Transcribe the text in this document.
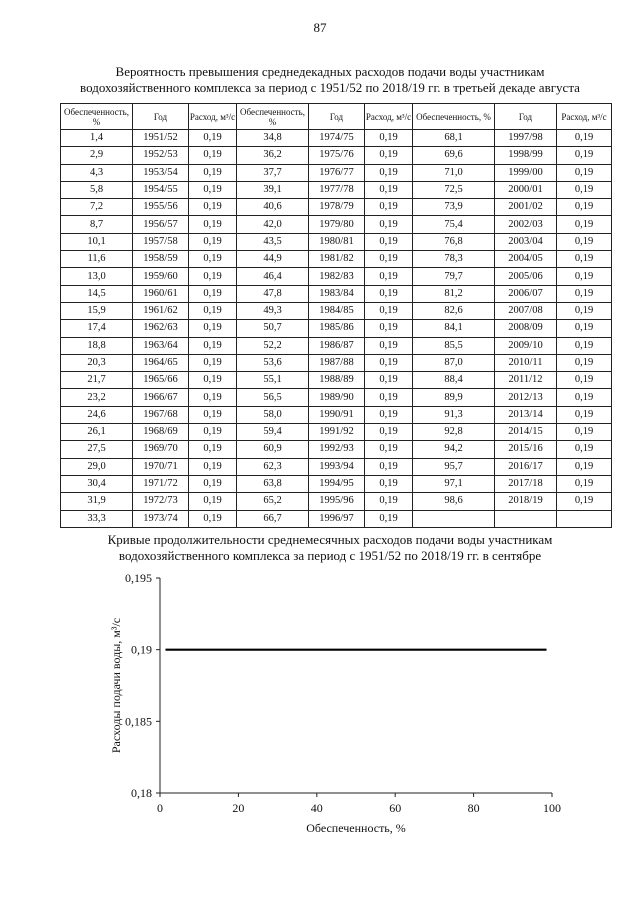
87
Вероятность превышения среднедекадных расходов подачи воды участникам
водохозяйственного комплекса за период с 1951/52 по 2018/19 гг. в третьей декаде августа
Обеспеченность, %	Год	Расход, м³/с	Обеспеченность, %	Год	Расход, м³/с	Обеспеченность, %	Год	Расход, м³/с
1,4	1951/52	0,19	34,8	1974/75	0,19	68,1	1997/98	0,19
2,9	1952/53	0,19	36,2	1975/76	0,19	69,6	1998/99	0,19
4,3	1953/54	0,19	37,7	1976/77	0,19	71,0	1999/00	0,19
5,8	1954/55	0,19	39,1	1977/78	0,19	72,5	2000/01	0,19
7,2	1955/56	0,19	40,6	1978/79	0,19	73,9	2001/02	0,19
8,7	1956/57	0,19	42,0	1979/80	0,19	75,4	2002/03	0,19
10,1	1957/58	0,19	43,5	1980/81	0,19	76,8	2003/04	0,19
11,6	1958/59	0,19	44,9	1981/82	0,19	78,3	2004/05	0,19
13,0	1959/60	0,19	46,4	1982/83	0,19	79,7	2005/06	0,19
14,5	1960/61	0,19	47,8	1983/84	0,19	81,2	2006/07	0,19
15,9	1961/62	0,19	49,3	1984/85	0,19	82,6	2007/08	0,19
17,4	1962/63	0,19	50,7	1985/86	0,19	84,1	2008/09	0,19
18,8	1963/64	0,19	52,2	1986/87	0,19	85,5	2009/10	0,19
20,3	1964/65	0,19	53,6	1987/88	0,19	87,0	2010/11	0,19
21,7	1965/66	0,19	55,1	1988/89	0,19	88,4	2011/12	0,19
23,2	1966/67	0,19	56,5	1989/90	0,19	89,9	2012/13	0,19
24,6	1967/68	0,19	58,0	1990/91	0,19	91,3	2013/14	0,19
26,1	1968/69	0,19	59,4	1991/92	0,19	92,8	2014/15	0,19
27,5	1969/70	0,19	60,9	1992/93	0,19	94,2	2015/16	0,19
29,0	1970/71	0,19	62,3	1993/94	0,19	95,7	2016/17	0,19
30,4	1971/72	0,19	63,8	1994/95	0,19	97,1	2017/18	0,19
31,9	1972/73	0,19	65,2	1995/96	0,19	98,6	2018/19	0,19
33,3	1973/74	0,19	66,7	1996/97	0,19			
Кривые продолжительности среднемесячных расходов подачи воды участникам
водохозяйственного комплекса за период с 1951/52 по 2018/19 гг. в сентябре
0,18
0,185
0,19
0,195
0	20	40	60	80	100
Обеспеченность, %
Расходы подачи воды, м³/с
